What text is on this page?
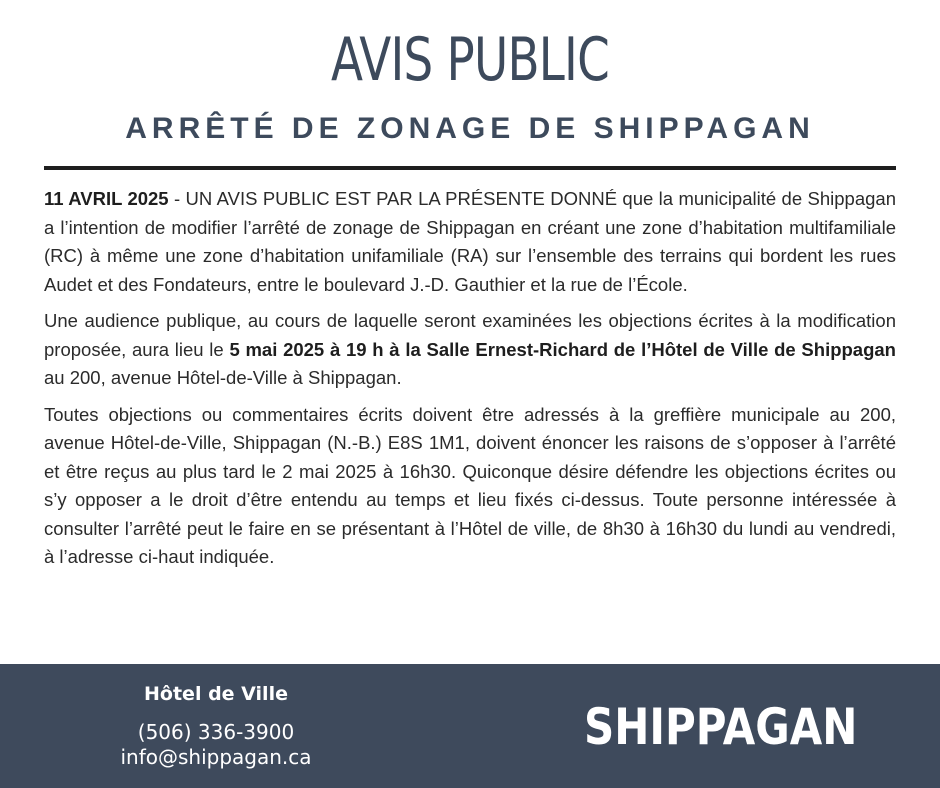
AVIS PUBLIC
ARRÊTÉ DE ZONAGE DE SHIPPAGAN

11 AVRIL 2025 - UN AVIS PUBLIC EST PAR LA PRÉSENTE DONNÉ que la municipalité de Shippagan a l’intention de modifier l’arrêté de zonage de Shippagan en créant une zone d’habitation multifamiliale (RC) à même une zone d’habitation unifamiliale (RA) sur l’ensemble des terrains qui bordent les rues Audet et des Fondateurs, entre le boulevard J.-D. Gauthier et la rue de l’École.

Une audience publique, au cours de laquelle seront examinées les objections écrites à la modification proposée, aura lieu le 5 mai 2025 à 19 h à la Salle Ernest-Richard de l’Hôtel de Ville de Shippagan au 200, avenue Hôtel-de-Ville à Shippagan.

Toutes objections ou commentaires écrits doivent être adressés à la greffière municipale au 200, avenue Hôtel-de-Ville, Shippagan (N.-B.) E8S 1M1, doivent énoncer les raisons de s’opposer à l’arrêté et être reçus au plus tard le 2 mai 2025 à 16h30. Quiconque désire défendre les objections écrites ou s’y opposer a le droit d’être entendu au temps et lieu fixés ci-dessus. Toute personne intéressée à consulter l’arrêté peut le faire en se présentant à l’Hôtel de ville, de 8h30 à 16h30 du lundi au vendredi, à l’adresse ci-haut indiquée.

Hôtel de Ville
(506) 336-3900
info@shippagan.ca
SHIPPAGAN
